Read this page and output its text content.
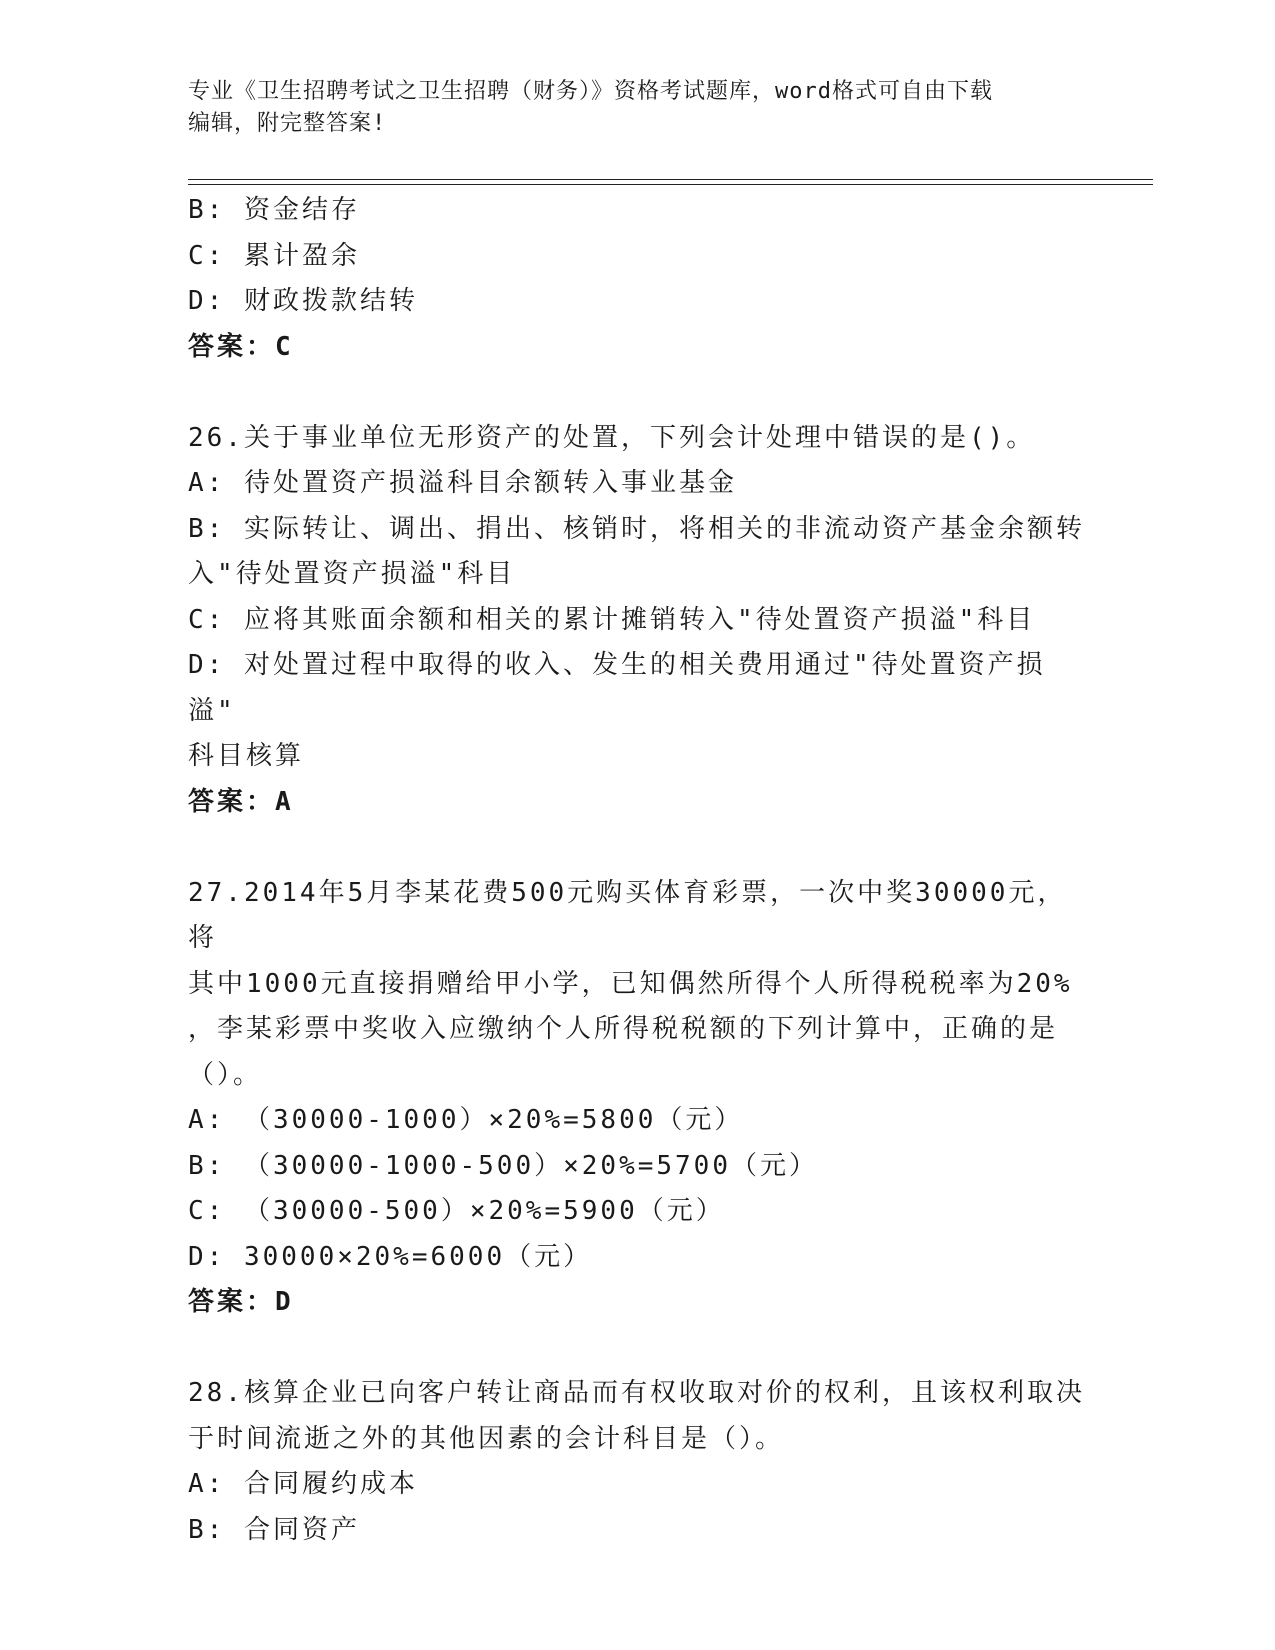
专业《卫生招聘考试之卫生招聘（财务）》资格考试题库，word格式可自由下载
编辑，附完整答案!
B: 资金结存
C: 累计盈余
D: 财政拨款结转
答案：C
26.关于事业单位无形资产的处置，下列会计处理中错误的是()。
A: 待处置资产损溢科目余额转入事业基金
B: 实际转让、调出、捐出、核销时，将相关的非流动资产基金余额转
入"待处置资产损溢"科目
C: 应将其账面余额和相关的累计摊销转入"待处置资产损溢"科目
D: 对处置过程中取得的收入、发生的相关费用通过"待处置资产损溢"
科目核算
答案：A
27.2014年5月李某花费500元购买体育彩票，一次中奖30000元，将
其中1000元直接捐赠给甲小学，已知偶然所得个人所得税税率为20%
，李某彩票中奖收入应缴纳个人所得税税额的下列计算中，正确的是
（）。
A: （30000-1000）×20%=5800（元）
B: （30000-1000-500）×20%=5700（元）
C: （30000-500）×20%=5900（元）
D: 30000×20%=6000（元）
答案：D
28.核算企业已向客户转让商品而有权收取对价的权利，且该权利取决
于时间流逝之外的其他因素的会计科目是（）。
A: 合同履约成本
B: 合同资产
